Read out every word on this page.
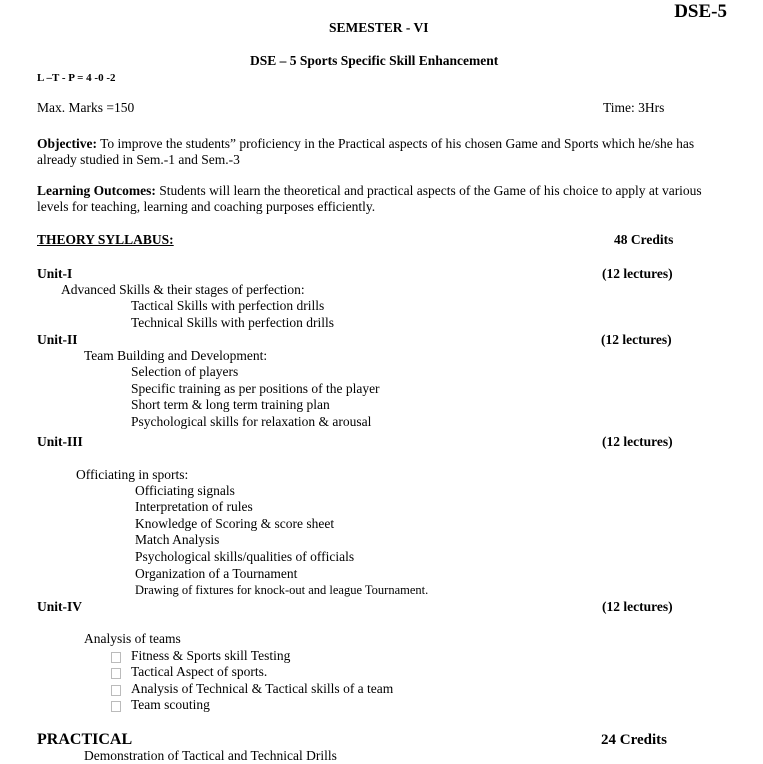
DSE-5
SEMESTER - VI
DSE – 5 Sports Specific Skill Enhancement
L –T - P = 4 -0 -2
Max. Marks =150	Time: 3Hrs
Objective: To improve the students” proficiency in the Practical aspects of his chosen Game and Sports which he/she has already studied in Sem.-1 and Sem.-3
Learning Outcomes: Students will learn the theoretical and practical aspects of the Game of his choice to apply at various levels for teaching, learning and coaching purposes efficiently.
THEORY SYLLABUS:	48 Credits
Unit-I	(12 lectures)
Advanced Skills & their stages of perfection:
Tactical Skills with perfection drills
Technical Skills with perfection drills
Unit-II	(12 lectures)
Team Building and Development:
Selection of players
Specific training as per positions of the player
Short term & long term training plan
Psychological skills for relaxation & arousal
Unit-III	(12 lectures)
Officiating in sports:
Officiating signals
Interpretation of rules
Knowledge of Scoring & score sheet
Match Analysis
Psychological skills/qualities of officials
Organization of a Tournament
Drawing of fixtures for knock-out and league Tournament.
Unit-IV	(12 lectures)
Analysis of teams
Fitness & Sports skill Testing
Tactical Aspect of sports.
Analysis of Technical & Tactical skills of a team
Team scouting
PRACTICAL	24 Credits
Demonstration of Tactical and Technical Drills
